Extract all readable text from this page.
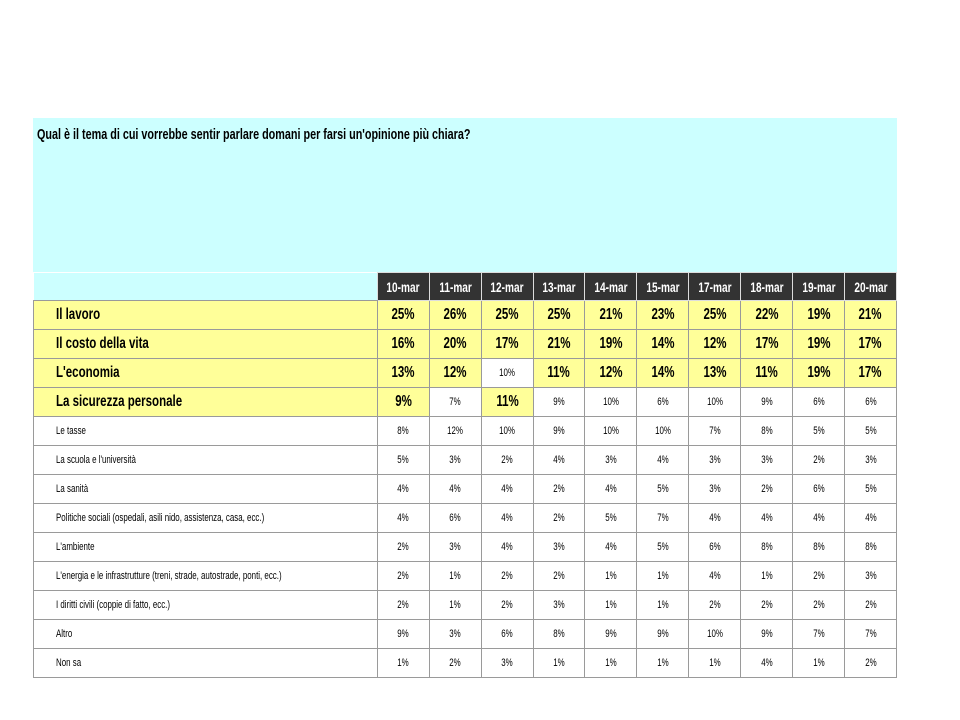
Qual è il tema di cui vorrebbe sentir parlare domani per farsi un'opinione più chiara?
	10-mar	11-mar	12-mar	13-mar	14-mar	15-mar	17-mar	18-mar	19-mar	20-mar
Il lavoro	25%	26%	25%	25%	21%	23%	25%	22%	19%	21%
Il costo della vita	16%	20%	17%	21%	19%	14%	12%	17%	19%	17%
L'economia	13%	12%	10%	11%	12%	14%	13%	11%	19%	17%
La sicurezza personale	9%	7%	11%	9%	10%	6%	10%	9%	6%	6%
Le tasse	8%	12%	10%	9%	10%	10%	7%	8%	5%	5%
La scuola e l'università	5%	3%	2%	4%	3%	4%	3%	3%	2%	3%
La sanità	4%	4%	4%	2%	4%	5%	3%	2%	6%	5%
Politiche sociali (ospedali, asili nido, assistenza, casa, ecc.)	4%	6%	4%	2%	5%	7%	4%	4%	4%	4%
L'ambiente	2%	3%	4%	3%	4%	5%	6%	8%	8%	8%
L'energia e le infrastrutture (treni, strade, autostrade, ponti, ecc.)	2%	1%	2%	2%	1%	1%	4%	1%	2%	3%
I diritti civili (coppie di fatto, ecc.)	2%	1%	2%	3%	1%	1%	2%	2%	2%	2%
Altro	9%	3%	6%	8%	9%	9%	10%	9%	7%	7%
Non sa	1%	2%	3%	1%	1%	1%	1%	4%	1%	2%
